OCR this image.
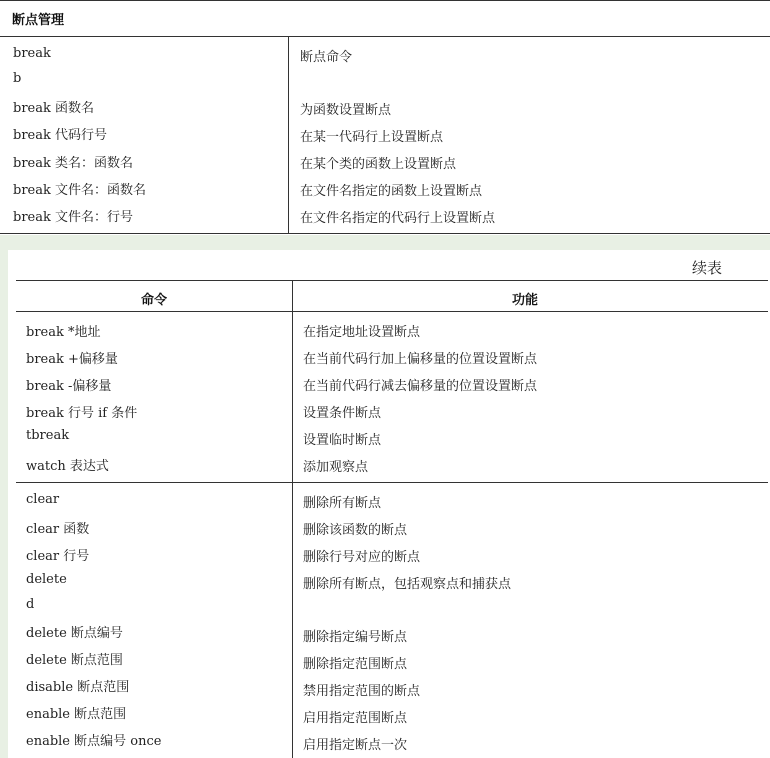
断点管理
break	断点命令
b
break 函数名	为函数设置断点
break 代码行号	在某一代码行上设置断点
break 类名：函数名	在某个类的函数上设置断点
break 文件名：函数名	在文件名指定的函数上设置断点
break 文件名：行号	在文件名指定的代码行上设置断点
续表
命令	功能
break *地址	在指定地址设置断点
break +偏移量	在当前代码行加上偏移量的位置设置断点
break -偏移量	在当前代码行减去偏移量的位置设置断点
break 行号 if 条件	设置条件断点
tbreak	设置临时断点
watch 表达式	添加观察点
clear	删除所有断点
clear 函数	删除该函数的断点
clear 行号	删除行号对应的断点
delete	删除所有断点，包括观察点和捕获点
d
delete 断点编号	删除指定编号断点
delete 断点范围	删除指定范围断点
disable 断点范围	禁用指定范围的断点
enable 断点范围	启用指定范围断点
enable 断点编号 once	启用指定断点一次
